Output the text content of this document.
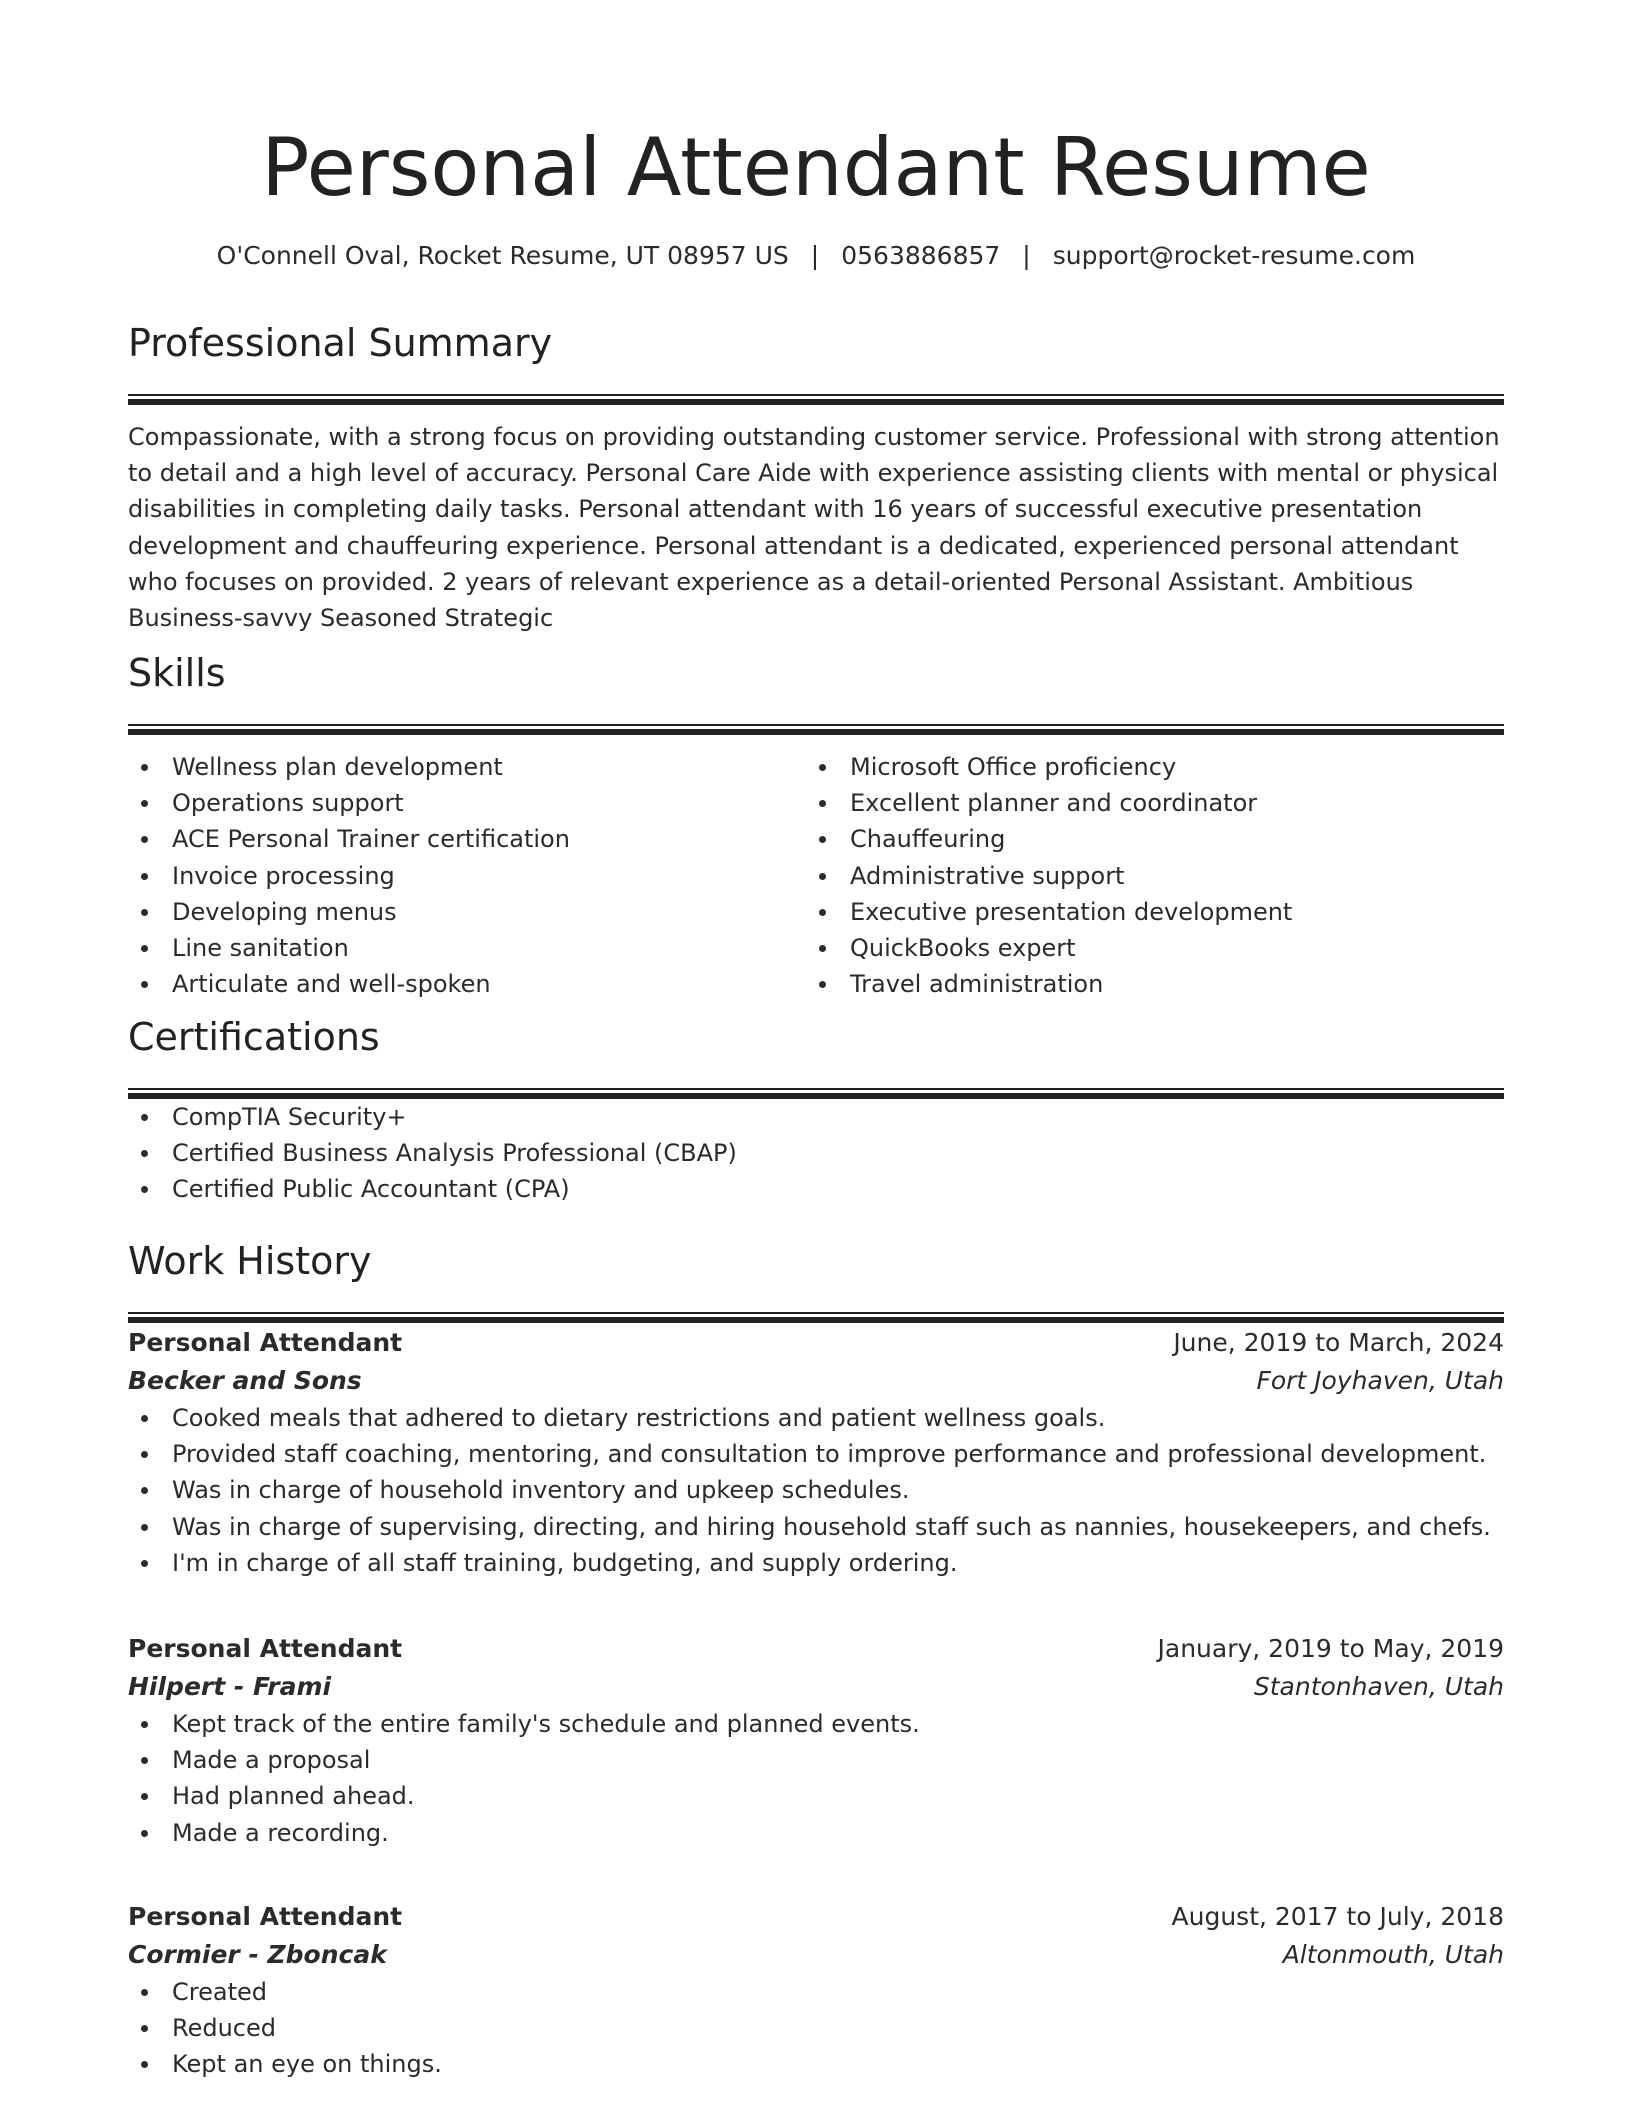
Personal Attendant Resume
O'Connell Oval, Rocket Resume, UT 08957 US | 0563886857 | support@rocket-resume.com
Professional Summary
Compassionate, with a strong focus on providing outstanding customer service. Professional with strong attention to detail and a high level of accuracy. Personal Care Aide with experience assisting clients with mental or physical disabilities in completing daily tasks. Personal attendant with 16 years of successful executive presentation development and chauffeuring experience. Personal attendant is a dedicated, experienced personal attendant who focuses on provided. 2 years of relevant experience as a detail-oriented Personal Assistant. Ambitious Business-savvy Seasoned Strategic
Skills
Wellness plan development
Operations support
ACE Personal Trainer certification
Invoice processing
Developing menus
Line sanitation
Articulate and well-spoken
Microsoft Office proficiency
Excellent planner and coordinator
Chauffeuring
Administrative support
Executive presentation development
QuickBooks expert
Travel administration
Certifications
CompTIA Security+
Certified Business Analysis Professional (CBAP)
Certified Public Accountant (CPA)
Work History
Personal Attendant	June, 2019 to March, 2024
Becker and Sons	Fort Joyhaven, Utah
Cooked meals that adhered to dietary restrictions and patient wellness goals.
Provided staff coaching, mentoring, and consultation to improve performance and professional development.
Was in charge of household inventory and upkeep schedules.
Was in charge of supervising, directing, and hiring household staff such as nannies, housekeepers, and chefs.
I'm in charge of all staff training, budgeting, and supply ordering.
Personal Attendant	January, 2019 to May, 2019
Hilpert - Frami	Stantonhaven, Utah
Kept track of the entire family's schedule and planned events.
Made a proposal
Had planned ahead.
Made a recording.
Personal Attendant	August, 2017 to July, 2018
Cormier - Zboncak	Altonmouth, Utah
Created
Reduced
Kept an eye on things.
